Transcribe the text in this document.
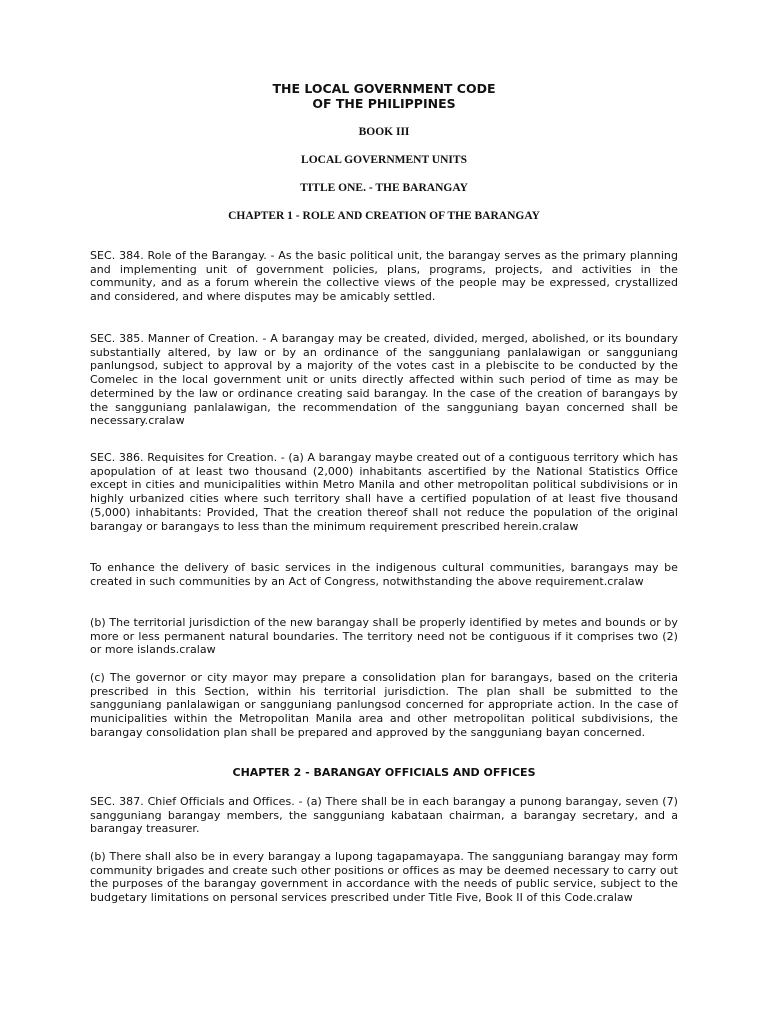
THE LOCAL GOVERNMENT CODE

OF THE PHILIPPINES

BOOK III

LOCAL GOVERNMENT UNITS

TITLE ONE. - THE BARANGAY

CHAPTER 1 - ROLE AND CREATION OF THE BARANGAY

SEC. 384. Role of the Barangay. - As the basic political unit, the barangay serves as the primary planning and implementing unit of government policies, plans, programs, projects, and activities in the community, and as a forum wherein the collective views of the people may be expressed, crystallized and considered, and where disputes may be amicably settled.

SEC. 385. Manner of Creation. - A barangay may be created, divided, merged, abolished, or its boundary substantially altered, by law or by an ordinance of the sangguniang panlalawigan or sangguniang panlungsod, subject to approval by a majority of the votes cast in a plebiscite to be conducted by the Comelec in the local government unit or units directly affected within such period of time as may be determined by the law or ordinance creating said barangay. In the case of the creation of barangays by the sangguniang panlalawigan, the recommendation of the sangguniang bayan concerned shall be necessary.cralaw

SEC. 386. Requisites for Creation. - (a) A barangay maybe created out of a contiguous territory which has apopulation of at least two thousand (2,000) inhabitants ascertified by the National Statistics Office except in cities and municipalities within Metro Manila and other metropolitan political subdivisions or in highly urbanized cities where such territory shall have a certified population of at least five thousand (5,000) inhabitants: Provided, That the creation thereof shall not reduce the population of the original barangay or barangays to less than the minimum requirement prescribed herein.cralaw

To enhance the delivery of basic services in the indigenous cultural communities, barangays may be created in such communities by an Act of Congress, notwithstanding the above requirement.cralaw

(b) The territorial jurisdiction of the new barangay shall be properly identified by metes and bounds or by more or less permanent natural boundaries. The territory need not be contiguous if it comprises two (2) or more islands.cralaw

(c) The governor or city mayor may prepare a consolidation plan for barangays, based on the criteria prescribed in this Section, within his territorial jurisdiction. The plan shall be submitted to the sangguniang panlalawigan or sangguniang panlungsod concerned for appropriate action. In the case of municipalities within the Metropolitan Manila area and other metropolitan political subdivisions, the barangay consolidation plan shall be prepared and approved by the sangguniang bayan concerned.

CHAPTER 2 - BARANGAY OFFICIALS AND OFFICES

SEC. 387. Chief Officials and Offices. - (a) There shall be in each barangay a punong barangay, seven (7) sangguniang barangay members, the sangguniang kabataan chairman, a barangay secretary, and a barangay treasurer.

(b) There shall also be in every barangay a lupong tagapamayapa. The sangguniang barangay may form community brigades and create such other positions or offices as may be deemed necessary to carry out the purposes of the barangay government in accordance with the needs of public service, subject to the budgetary limitations on personal services prescribed under Title Five, Book II of this Code.cralaw
